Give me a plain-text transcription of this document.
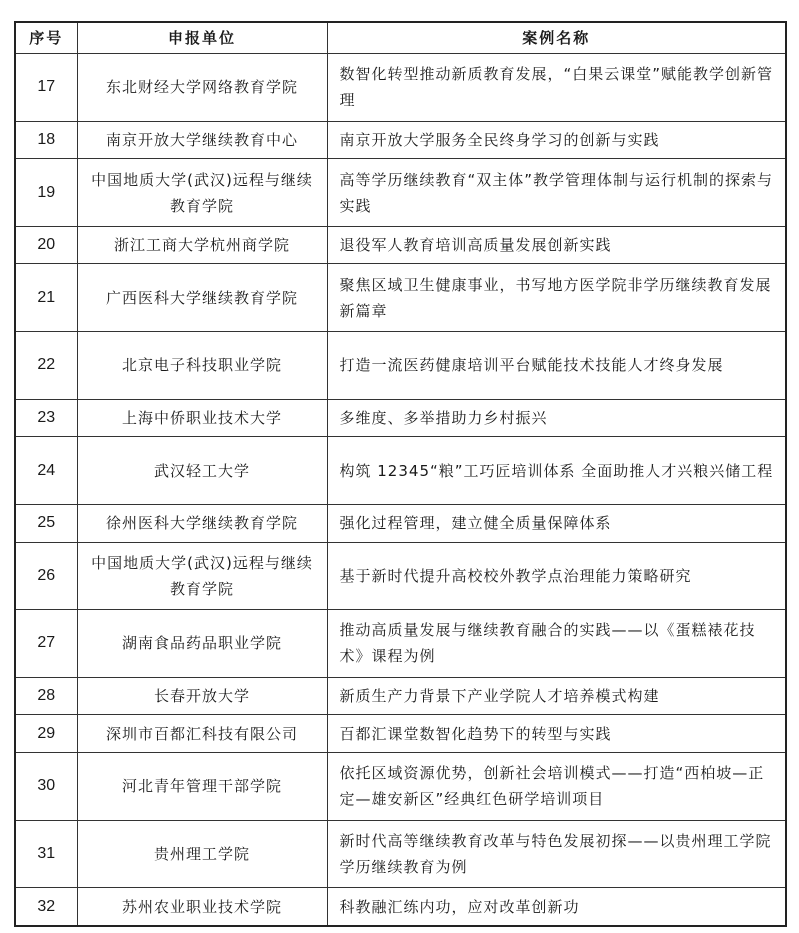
序号	申报单位	案例名称
17	东北财经大学网络教育学院	数智化转型推动新质教育发展，“白果云课堂”赋能教学创新管理
18	南京开放大学继续教育中心	南京开放大学服务全民终身学习的创新与实践
19	中国地质大学(武汉)远程与继续教育学院	高等学历继续教育“双主体”教学管理体制与运行机制的探索与实践
20	浙江工商大学杭州商学院	退役军人教育培训高质量发展创新实践
21	广西医科大学继续教育学院	聚焦区域卫生健康事业，书写地方医学院非学历继续教育发展新篇章
22	北京电子科技职业学院	打造一流医药健康培训平台赋能技术技能人才终身发展
23	上海中侨职业技术大学	多维度、多举措助力乡村振兴
24	武汉轻工大学	构筑 12345“粮”工巧匠培训体系 全面助推人才兴粮兴储工程
25	徐州医科大学继续教育学院	强化过程管理，建立健全质量保障体系
26	中国地质大学(武汉)远程与继续教育学院	基于新时代提升高校校外教学点治理能力策略研究
27	湖南食品药品职业学院	推动高质量发展与继续教育融合的实践——以《蛋糕裱花技术》课程为例
28	长春开放大学	新质生产力背景下产业学院人才培养模式构建
29	深圳市百都汇科技有限公司	百都汇课堂数智化趋势下的转型与实践
30	河北青年管理干部学院	依托区域资源优势，创新社会培训模式——打造“西柏坡—正定—雄安新区”经典红色研学培训项目
31	贵州理工学院	新时代高等继续教育改革与特色发展初探——以贵州理工学院学历继续教育为例
32	苏州农业职业技术学院	科教融汇练内功，应对改革创新功
